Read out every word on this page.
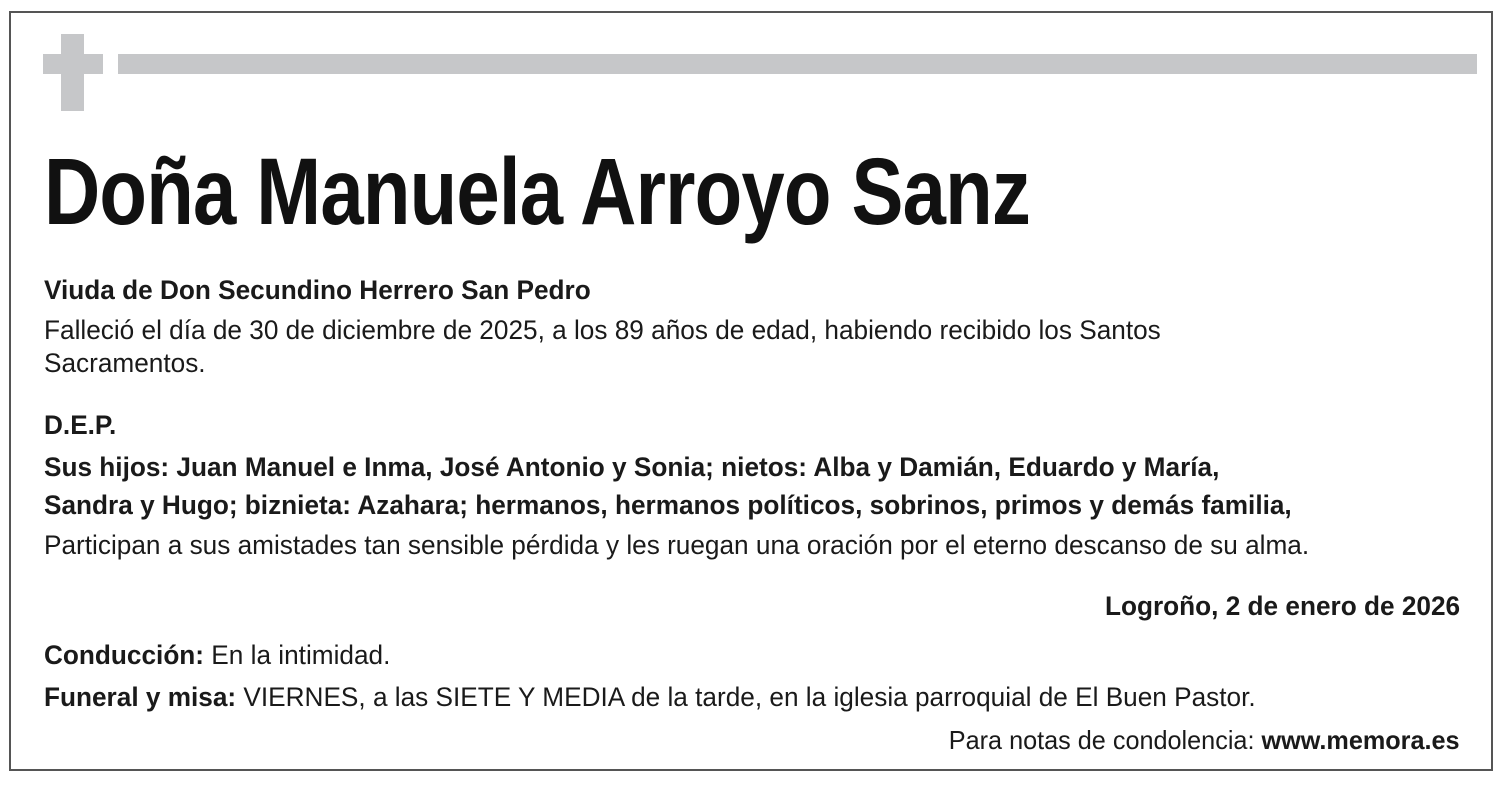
Doña Manuela Arroyo Sanz
Viuda de Don Secundino Herrero San Pedro
Falleció el día de 30 de diciembre de 2025, a los 89 años de edad, habiendo recibido los Santos
Sacramentos.
D.E.P.
Sus hijos: Juan Manuel e Inma, José Antonio y Sonia; nietos: Alba y Damián, Eduardo y María,
Sandra y Hugo; biznieta: Azahara; hermanos, hermanos políticos, sobrinos, primos y demás familia,
Participan a sus amistades tan sensible pérdida y les ruegan una oración por el eterno descanso de su alma.
Logroño, 2 de enero de 2026
Conducción: En la intimidad.
Funeral y misa: VIERNES, a las SIETE Y MEDIA de la tarde, en la iglesia parroquial de El Buen Pastor.
Para notas de condolencia: www.memora.es
